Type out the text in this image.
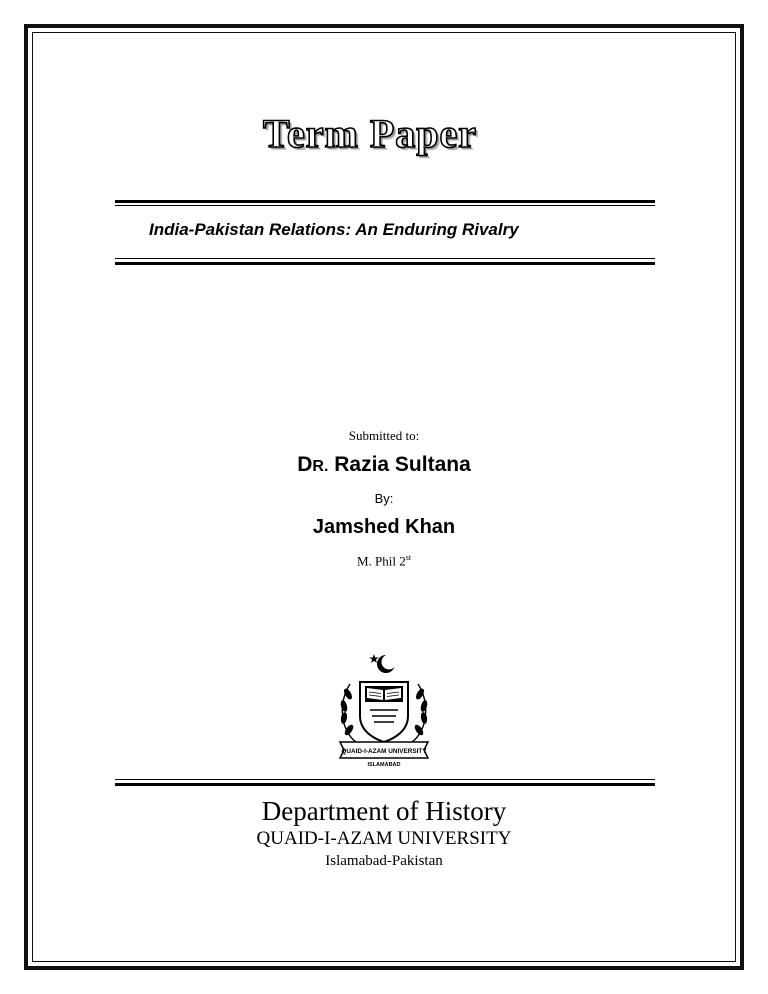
Term Paper
India-Pakistan Relations: An Enduring Rivalry
Submitted to:
DR. Razia Sultana
By:
Jamshed Khan
M. Phil 2st
QUAID-I-AZAM UNIVERSITY
ISLAMABAD
Department of History
QUAID-I-AZAM UNIVERSITY
Islamabad-Pakistan
